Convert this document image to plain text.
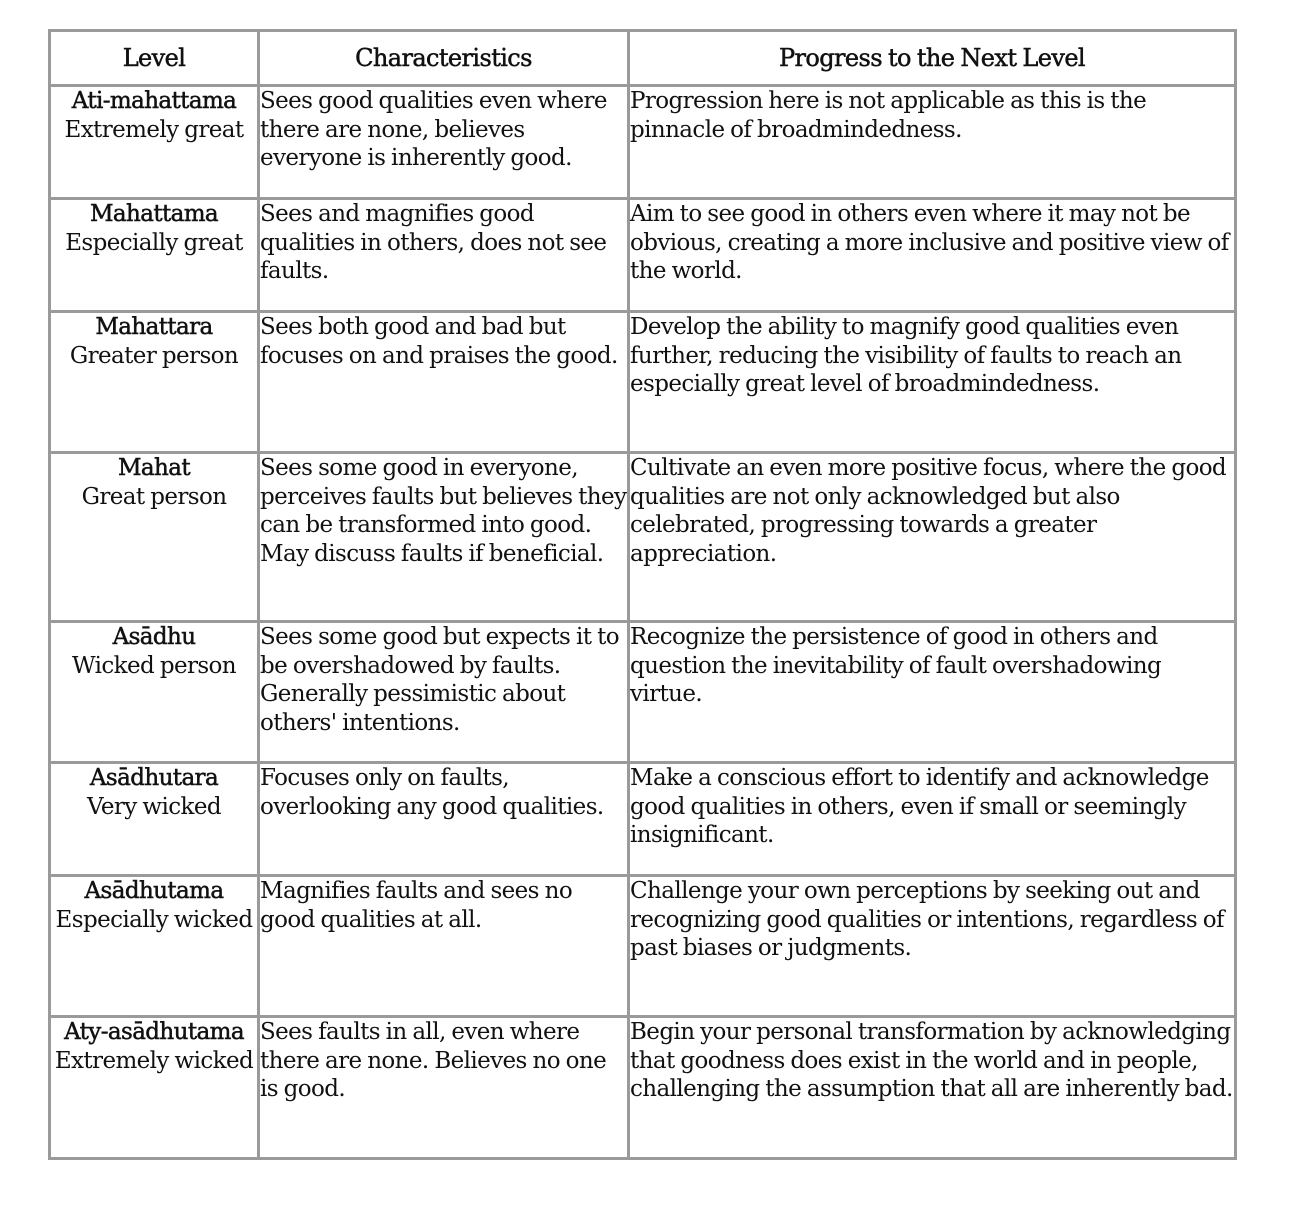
Level	Characteristics	Progress to the Next Level

Ati-mahattama
Extremely great	Sees good qualities even where there are none, believes everyone is inherently good.	Progression here is not applicable as this is the pinnacle of broadmindedness.

Mahattama
Especially great	Sees and magnifies good qualities in others, does not see faults.	Aim to see good in others even where it may not be obvious, creating a more inclusive and positive view of the world.

Mahattara
Greater person	Sees both good and bad but focuses on and praises the good.	Develop the ability to magnify good qualities even further, reducing the visibility of faults to reach an especially great level of broadmindedness.

Mahat
Great person	Sees some good in everyone, perceives faults but believes they can be transformed into good. May discuss faults if beneficial.	Cultivate an even more positive focus, where the good qualities are not only acknowledged but also celebrated, progressing towards a greater appreciation.

Asādhu
Wicked person	Sees some good but expects it to be overshadowed by faults. Generally pessimistic about others' intentions.	Recognize the persistence of good in others and question the inevitability of fault overshadowing virtue.

Asādhutara
Very wicked	Focuses only on faults, overlooking any good qualities.	Make a conscious effort to identify and acknowledge good qualities in others, even if small or seemingly insignificant.

Asādhutama
Especially wicked	Magnifies faults and sees no good qualities at all.	Challenge your own perceptions by seeking out and recognizing good qualities or intentions, regardless of past biases or judgments.

Aty-asādhutama
Extremely wicked	Sees faults in all, even where there are none. Believes no one is good.	Begin your personal transformation by acknowledging that goodness does exist in the world and in people, challenging the assumption that all are inherently bad.
